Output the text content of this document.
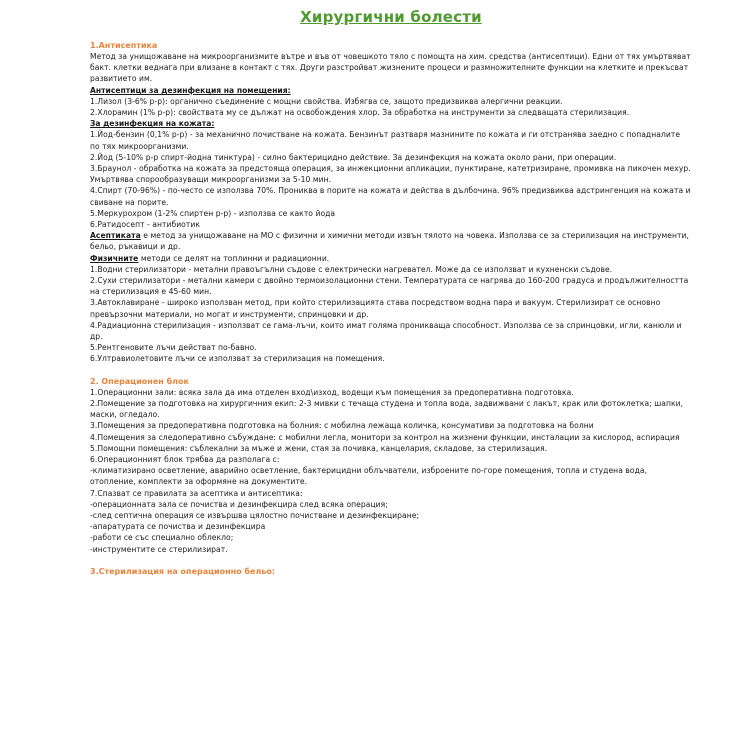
Хирургични болести

1.Антисептика

Метод за унищожаване на микроорганизмите вътре и във от човешкото тяло с помощта на хим. средства (антисептици). Едни от тях умъртвяват бакт. клетки веднага при влизане в контакт с тях. Други разстройват жизнените процеси и размножителните функции на клетките и прекъсват развитието им.

Антисептици за дезинфекция на помещения:

1.Лизол (3-6% р-р): органично съединение с мощни свойства. Избягва се, защото предизвиква алергични реакции.

2.Хлорамин (1% р-р): свойствата му се дължат на освобождения хлор. За обработка на инструменти за следващата стерилизация.

За дезинфекция на кожата:

1.Йод-бензин (0,1% р-р) - за механично почистване на кожата. Бензинът разтваря мазнините по кожата и ги отстранява заедно с попадналите по тях микроорганизми.

2.Йод (5-10% р-р спирт-йодна тинктура) - силно бактерицидно действие. За дезинфекция на кожата около рани, при операции.

3.Браунол - обработка на кожата за предстояща операция, за инжекционни апликации, пунктиране, катетризиране, промивка на пикочен мехур. Умъртвява спорообразуващи микроорганизми за 5-10 мин.

4.Спирт (70-96%) - по-често се използва 70%. Прониква в порите на кожата и действа в дълбочина. 96% предизвиква адстрингенция на кожата и свиване на порите.

5.Меркурохром (1-2% спиртен р-р) - използва се както йода

6.Ратидосепт - антибиотик

Асептиката е метод за унищожаване на МО с физични и химични методи извън тялото на човека. Използва се за стерилизация на инструменти, бельо, ръкавици и др.

Физичните методи се делят на топлинни и радиационни.

1.Водни стерилизатори - метални правоъгълни съдове с електрически нагревател. Може да се използват и кухненски съдове.

2.Сухи стерилизатори - метални камери с двойно термоизолационни стени. Температурата се нагрява до 160-200 градуса и продължителността на стерилизация е 45-60 мин.

3.Автоклавиране - широко използван метод, при който стерилизацията става посредством водна пара и вакуум. Стерилизират се основно превързочни материали, но могат и инструменти, спринцовки и др.

4.Радиационна стерилизация - използват се гама-лъчи, които имат голяма проникваща способност. Използва се за спринцовки, игли, канюли и др.

5.Рентгеновите лъчи действат по-бавно.

6.Ултравиолетовите лъчи се използват за стерилизация на помещения.

2. Операционен блок

1.Операционни зали: всяка зала да има отделен вход\изход, водещи към помещения за предоперативна подготовка.

2.Помещение за подготовка на хирургичния екип: 2-3 мивки с течаща студена и топла вода, задвижвани с лакът, крак или фотоклетка; шапки, маски, огледало.

3.Помещения за предоперативна подготовка на болния: с мобилна лежаща количка, консумативи за подготовка на болни

4.Помещения за следоперативно събуждане: с мобилни легла, монитори за контрол на жизнени функции, инсталации за кислород, аспирация

5.Помощни помещения: съблекални за мъже и жени, стая за почивка, канцелария, складове, за стерилизация.

6.Операционният блок трябва да разполага с:

-климатизирано осветление, аварийно осветление, бактерицидни облъчватели, изброените по-горе помещения, топла и студена вода, отопление, комплекти за оформяне на документите.

7.Спазват се правилата за асептика и антисептика:

-операционната зала се почиства и дезинфекцира след всяка операция;

-след септична операция се извършва цялостно почистване и дезинфекциране;

-апаратурата се почиства и дезинфекцира

-работи се със специално облекло;

-инструментите се стерилизират.

3.Стерилизация на операционно бельо:
